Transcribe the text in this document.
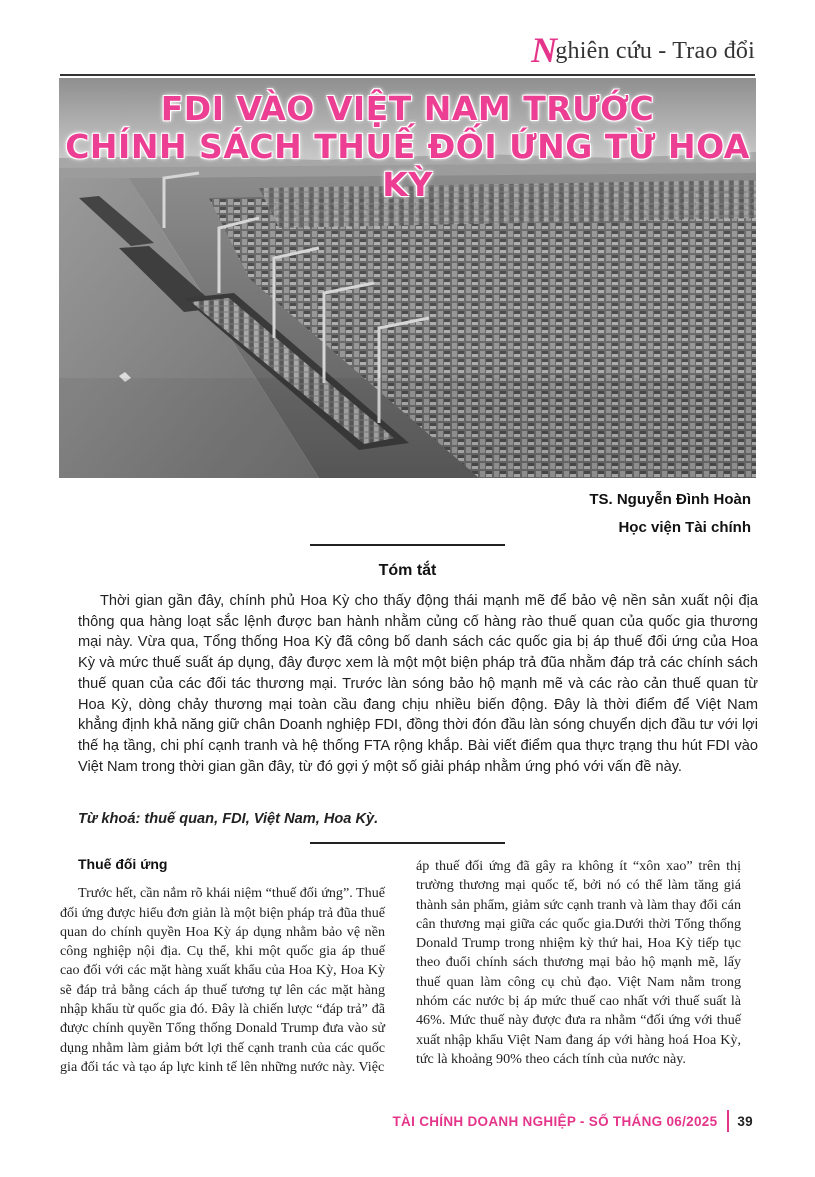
Nghiên cứu - Trao đổi
FDI VÀO VIỆT NAM TRƯỚC
CHÍNH SÁCH THUẾ ĐỐI ỨNG TỪ HOA KỲ
TS. Nguyễn Đình Hoàn
Học viện Tài chính
Tóm tắt

Thời gian gần đây, chính phủ Hoa Kỳ cho thấy động thái mạnh mẽ để bảo vệ nền sản xuất nội địa thông qua hàng loạt sắc lệnh được ban hành nhằm củng cố hàng rào thuế quan của quốc gia thương mại này. Vừa qua, Tổng thống Hoa Kỳ đã công bố danh sách các quốc gia bị áp thuế đối ứng của Hoa Kỳ và mức thuế suất áp dụng, đây được xem là một một biện pháp trả đũa nhằm đáp trả các chính sách thuế quan của các đối tác thương mại. Trước làn sóng bảo hộ mạnh mẽ và các rào cản thuế quan từ Hoa Kỳ, dòng chảy thương mại toàn cầu đang chịu nhiều biến động. Đây là thời điểm để Việt Nam khẳng định khả năng giữ chân Doanh nghiệp FDI, đồng thời đón đầu làn sóng chuyển dịch đầu tư với lợi thế hạ tầng, chi phí cạnh tranh và hệ thống FTA rộng khắp. Bài viết điểm qua thực trạng thu hút FDI vào Việt Nam trong thời gian gần đây, từ đó gợi ý một số giải pháp nhằm ứng phó với vấn đề này.

Từ khoá: thuế quan, FDI, Việt Nam, Hoa Kỳ.
Thuế đối ứng

Trước hết, cần nắm rõ khái niệm “thuế đối ứng”. Thuế đối ứng được hiểu đơn giản là một biện pháp trả đũa thuế quan do chính quyền Hoa Kỳ áp dụng nhằm bảo vệ nền công nghiệp nội địa. Cụ thể, khi một quốc gia áp thuế cao đối với các mặt hàng xuất khẩu của Hoa Kỳ, Hoa Kỳ sẽ đáp trả bằng cách áp thuế tương tự lên các mặt hàng nhập khẩu từ quốc gia đó. Đây là chiến lược “đáp trả” đã được chính quyền Tổng thống Donald Trump đưa vào sử dụng nhằm làm giảm bớt lợi thế cạnh tranh của các quốc gia đối tác và tạo áp lực kinh tế lên những nước này. Việc

áp thuế đối ứng đã gây ra không ít “xôn xao” trên thị trường thương mại quốc tế, bởi nó có thể làm tăng giá thành sản phẩm, giảm sức cạnh tranh và làm thay đổi cán cân thương mại giữa các quốc gia.Dưới thời Tổng thống Donald Trump trong nhiệm kỳ thứ hai, Hoa Kỳ tiếp tục theo đuổi chính sách thương mại bảo hộ mạnh mẽ, lấy thuế quan làm công cụ chủ đạo. Việt Nam nằm trong nhóm các nước bị áp mức thuế cao nhất với thuế suất là 46%. Mức thuế này được đưa ra nhằm “đối ứng với thuế xuất nhập khẩu Việt Nam đang áp với hàng hoá Hoa Kỳ, tức là khoảng 90% theo cách tính của nước này.

TÀI CHÍNH DOANH NGHIỆP - SỐ THÁNG 06/2025 39
